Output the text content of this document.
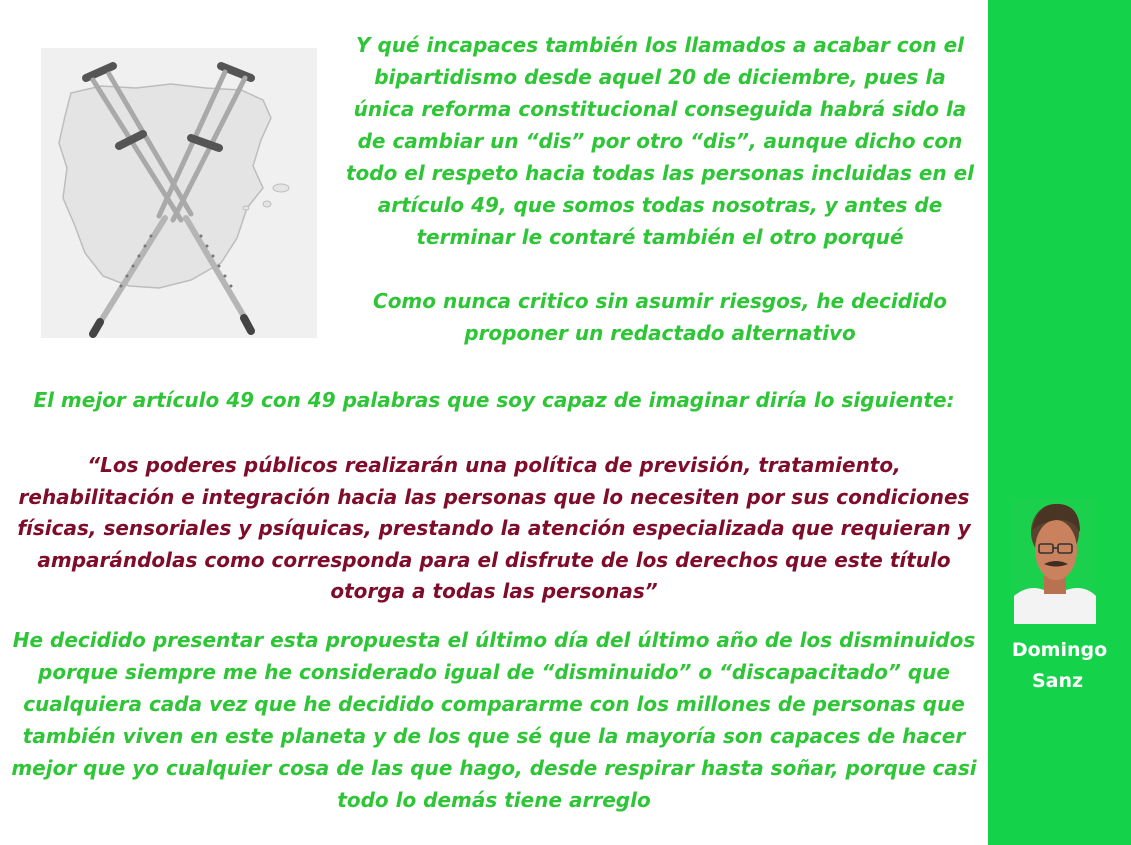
Y qué incapaces también los llamados a acabar con el bipartidismo desde aquel 20 de diciembre, pues la única reforma constitucional conseguida habrá sido la de cambiar un “dis” por otro “dis”, aunque dicho con todo el respeto hacia todas las personas incluidas en el artículo 49, que somos todas nosotras, y antes de terminar le contaré también el otro porqué

Como nunca critico sin asumir riesgos, he decidido proponer un redactado alternativo

El mejor artículo 49 con 49 palabras que soy capaz de imaginar diría lo siguiente:

“Los poderes públicos realizarán una política de previsión, tratamiento, rehabilitación e integración hacia las personas que lo necesiten por sus condiciones físicas, sensoriales y psíquicas, prestando la atención especializada que requieran y amparándolas como corresponda para el disfrute de los derechos que este título otorga a todas las personas”

He decidido presentar esta propuesta el último día del último año de los disminuidos porque siempre me he considerado igual de “disminuido” o “discapacitado” que cualquiera cada vez que he decidido compararme con los millones de personas que también viven en este planeta y de los que sé que la mayoría son capaces de hacer mejor que yo cualquier cosa de las que hago, desde respirar hasta soñar, porque casi todo lo demás tiene arreglo

Domingo
Sanz
